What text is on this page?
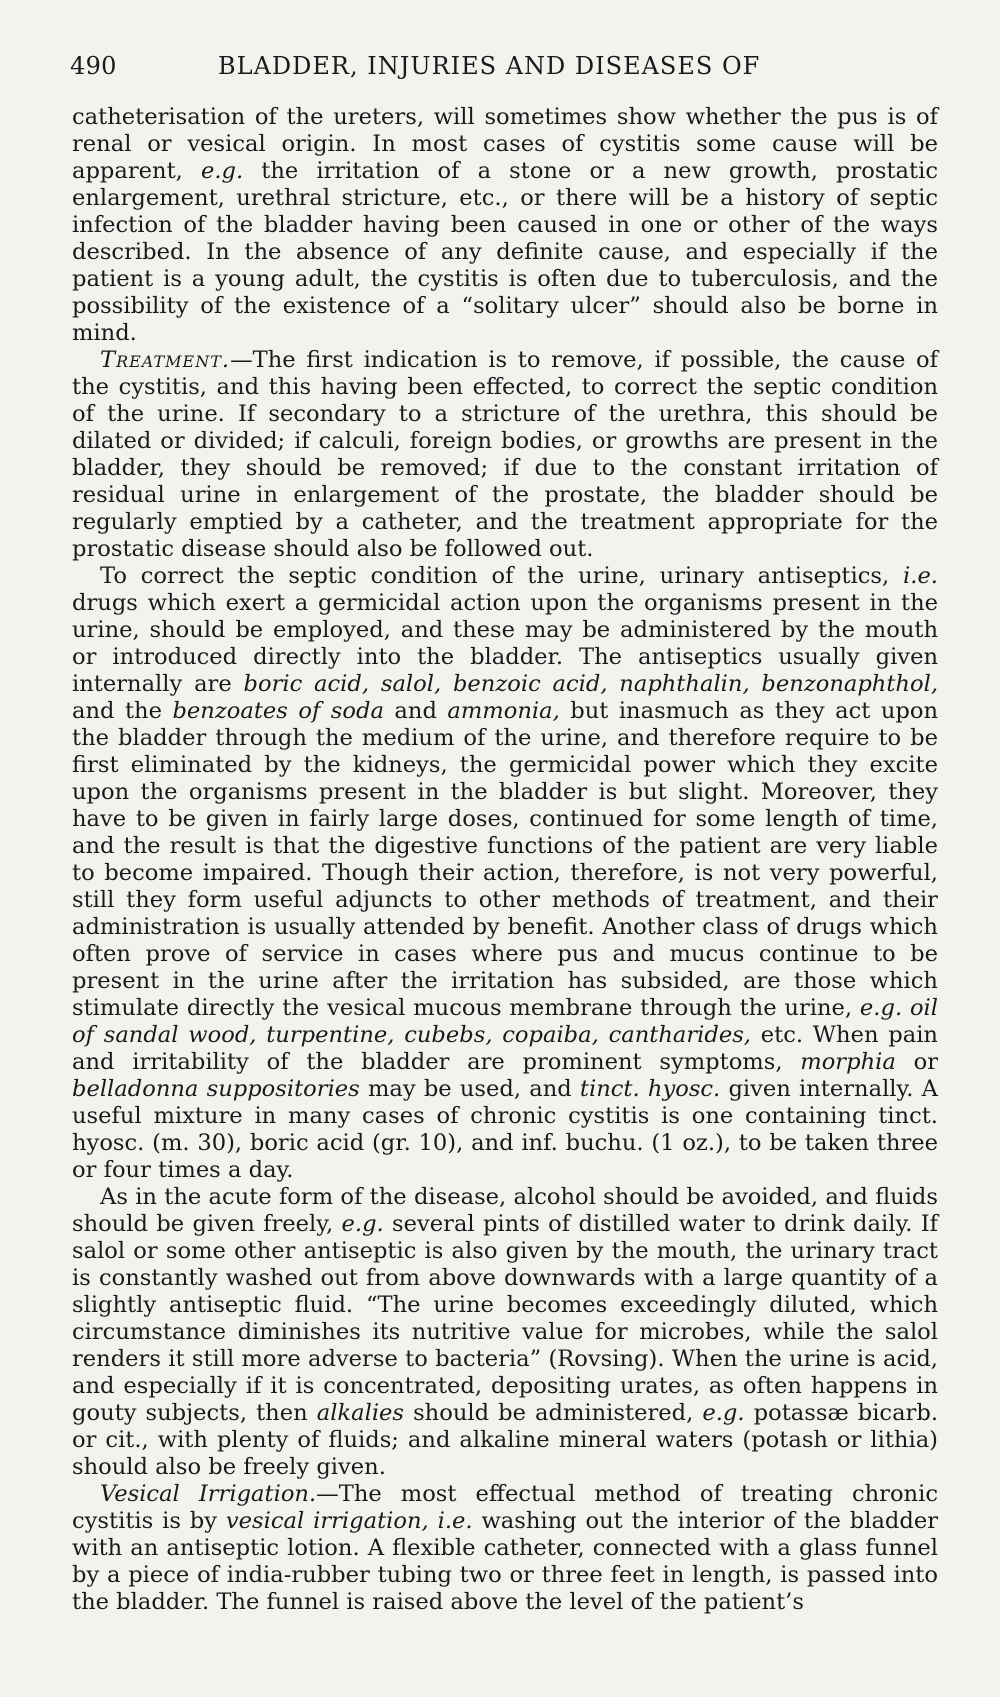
490	BLADDER, INJURIES AND DISEASES OF

catheterisation of the ureters, will sometimes show whether the pus is of renal or vesical origin. In most cases of cystitis some cause will be apparent, e.g. the irritation of a stone or a new growth, prostatic enlargement, urethral stricture, etc., or there will be a history of septic infection of the bladder having been caused in one or other of the ways described. In the absence of any definite cause, and especially if the patient is a young adult, the cystitis is often due to tuberculosis, and the possibility of the existence of a “solitary ulcer” should also be borne in mind.

Treatment.—The first indication is to remove, if possible, the cause of the cystitis, and this having been effected, to correct the septic condition of the urine. If secondary to a stricture of the urethra, this should be dilated or divided; if calculi, foreign bodies, or growths are present in the bladder, they should be removed; if due to the constant irritation of residual urine in enlargement of the prostate, the bladder should be regularly emptied by a catheter, and the treatment appropriate for the prostatic disease should also be followed out.

To correct the septic condition of the urine, urinary antiseptics, i.e. drugs which exert a germicidal action upon the organisms present in the urine, should be employed, and these may be administered by the mouth or introduced directly into the bladder. The antiseptics usually given internally are boric acid, salol, benzoic acid, naphthalin, benzonaphthol, and the benzoates of soda and ammonia, but inasmuch as they act upon the bladder through the medium of the urine, and therefore require to be first eliminated by the kidneys, the germicidal power which they excite upon the organisms present in the bladder is but slight. Moreover, they have to be given in fairly large doses, continued for some length of time, and the result is that the digestive functions of the patient are very liable to become impaired. Though their action, therefore, is not very powerful, still they form useful adjuncts to other methods of treatment, and their administration is usually attended by benefit. Another class of drugs which often prove of service in cases where pus and mucus continue to be present in the urine after the irritation has subsided, are those which stimulate directly the vesical mucous membrane through the urine, e.g. oil of sandal wood, turpentine, cubebs, copaiba, cantharides, etc. When pain and irritability of the bladder are prominent symptoms, morphia or belladonna suppositories may be used, and tinct. hyosc. given internally. A useful mixture in many cases of chronic cystitis is one containing tinct. hyosc. (m. 30), boric acid (gr. 10), and inf. buchu. (1 oz.), to be taken three or four times a day.

As in the acute form of the disease, alcohol should be avoided, and fluids should be given freely, e.g. several pints of distilled water to drink daily. If salol or some other antiseptic is also given by the mouth, the urinary tract is constantly washed out from above downwards with a large quantity of a slightly antiseptic fluid. “The urine becomes exceedingly diluted, which circumstance diminishes its nutritive value for microbes, while the salol renders it still more adverse to bacteria” (Rovsing). When the urine is acid, and especially if it is concentrated, depositing urates, as often happens in gouty subjects, then alkalies should be administered, e.g. potassæ bicarb. or cit., with plenty of fluids; and alkaline mineral waters (potash or lithia) should also be freely given.

Vesical Irrigation.—The most effectual method of treating chronic cystitis is by vesical irrigation, i.e. washing out the interior of the bladder with an antiseptic lotion. A flexible catheter, connected with a glass funnel by a piece of india-rubber tubing two or three feet in length, is passed into the bladder. The funnel is raised above the level of the patient’s
